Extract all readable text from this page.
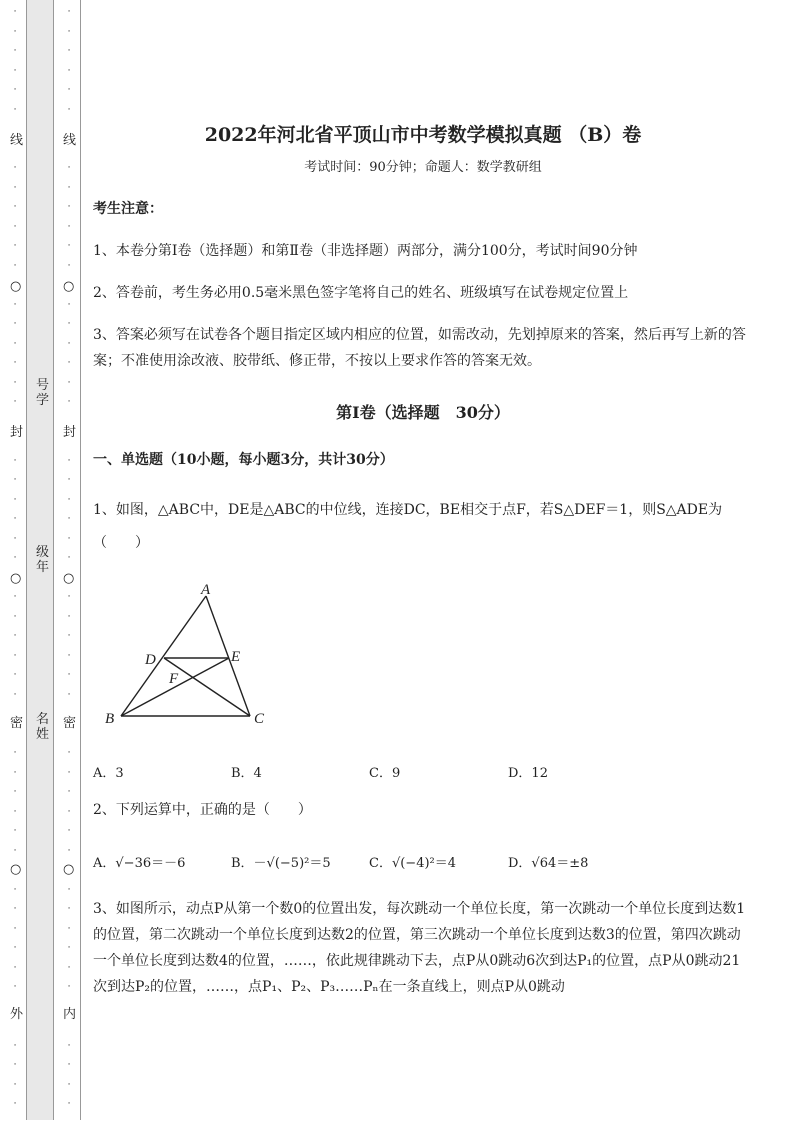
·
·
·
·
·
·
·
·
·
·
·
·
·
·
·
·
·
·
·
·
·
·
·
·
·
·
·
·
·
·
·
·
·
·
·
·
·
·
·
·
·
·
·
·
·
·
·
·
·
·
·
·
·
·
·
·
·
·
·
·
·
·
·
·
·
·
·
·
·
·
·
·
·
·
·
·
·
·
·
·
·
·
·
·
·
·
·
·
·
·
·
·
线
○
封
○
密
○
外
线
○
封
○
密
○
内
号
学
级
年
名
姓
2022年河北省平顶山市中考数学模拟真题 （B）卷
考试时间：90分钟；命题人：数学教研组
考生注意：
1、本卷分第Ⅰ卷（选择题）和第Ⅱ卷（非选择题）两部分，满分100分，考试时间90分钟
2、答卷前，考生务必用0.5毫米黑色签字笔将自己的姓名、班级填写在试卷规定位置上
3、答案必须写在试卷各个题目指定区域内相应的位置，如需改动，先划掉原来的答案，然后再写上新的答案；不准使用涂改液、胶带纸、修正带，不按以上要求作答的答案无效。
第Ⅰ卷（选择题　30分）
一、单选题（10小题，每小题3分，共计30分）
1、如图，△ABC中，DE是△ABC的中位线，连接DC，BE相交于点F，若S△DEF＝1，则S△ADE为
（　　）
A．3	B．4	C．9	D．12
2、下列运算中，正确的是（　　）
A．√−36＝－6	B．－√(−5)²＝5	C．√(−4)²＝4	D．√64＝±8
3、如图所示，动点P从第一个数0的位置出发，每次跳动一个单位长度，第一次跳动一个单位长度到达数1的位置，第二次跳动一个单位长度到达数2的位置，第三次跳动一个单位长度到达数3的位置，第四次跳动一个单位长度到达数4的位置，……，依此规律跳动下去，点P从0跳动6次到达P₁的位置，点P从0跳动21次到达P₂的位置，……，点P₁、P₂、P₃……Pₙ在一条直线上，则点P从0跳动
A
D	E
F
B	C
